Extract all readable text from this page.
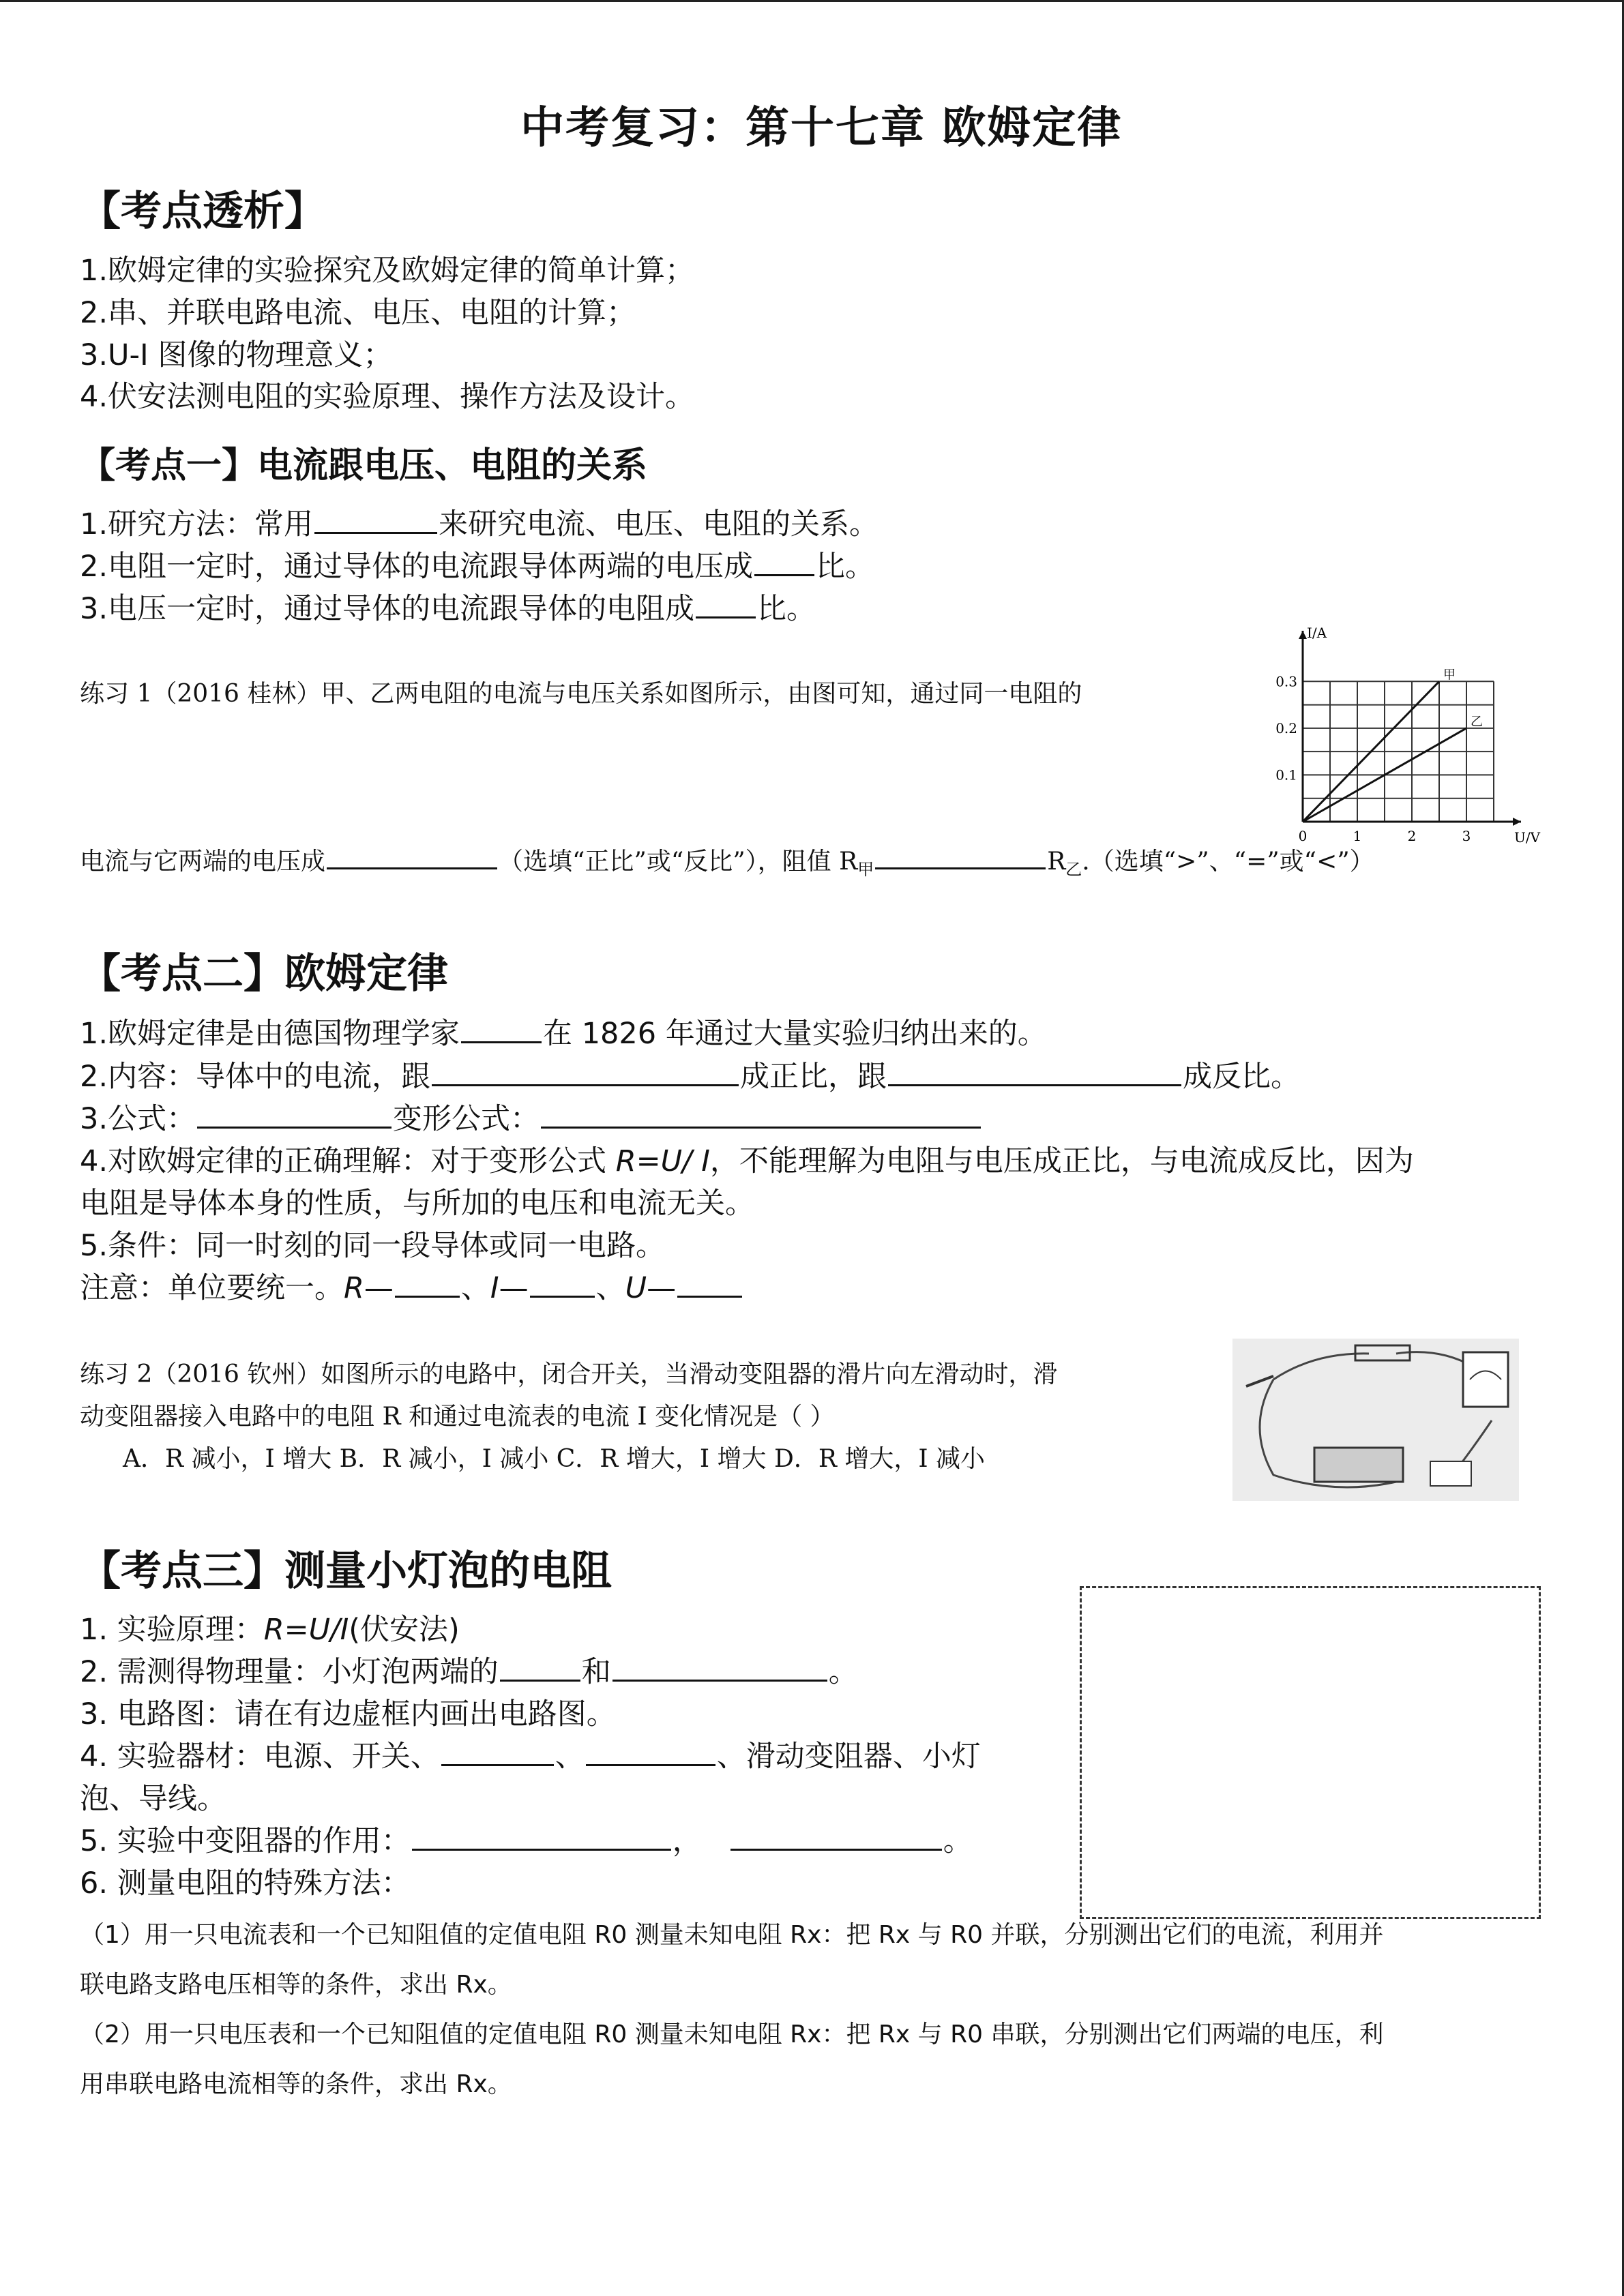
中考复习：第十七章 欧姆定律
【考点透析】
1.欧姆定律的实验探究及欧姆定律的简单计算；
2.串、并联电路电流、电压、电阻的计算；
3.U-I 图像的物理意义；
4.伏安法测电阻的实验原理、操作方法及设计。
【考点一】电流跟电压、电阻的关系
1.研究方法：常用	来研究电流、电压、电阻的关系。
2.电阻一定时，通过导体的电流跟导体两端的电压成 比。
3.电压一定时，通过导体的电流跟导体的电阻成 比。
练习 1（2016 桂林）甲、乙两电阻的电流与电压关系如图所示，由图可知，通过同一电阻的
电流与它两端的电压成	（选填“正比”或“反比”），阻值 $R_甲$	$R_乙$.（选填“>”、“=”或“<”）
0	1	2	3
0.1
0.2
0.3
U/V
I/A
甲
乙
【考点二】欧姆定律
1.欧姆定律是由德国物理学家	在 1826 年通过大量实验归纳出来的。
2.内容：导体中的电流，跟	成正比，跟	成反比。
3.公式：	变形公式：
4.对欧姆定律的正确理解：对于变形公式 R=U/ I，不能理解为电阻与电压成正比，与电流成反比，因为
电阻是导体本身的性质，与所加的电压和电流无关。
5.条件：同一时刻的同一段导体或同一电路。
注意：单位要统一。R— 、I— 、U—
练习 2（2016 钦州）如图所示的电路中，闭合开关，当滑动变阻器的滑片向左滑动时，滑
动变阻器接入电路中的电阻 R 和通过电流表的电流 I 变化情况是（ ）
A．R 减小，I 增大 B．R 减小，I 减小 C．R 增大，I 增大 D．R 增大，I 减小
【考点三】测量小灯泡的电阻
1. 实验原理：R=U/I(伏安法)
2. 需测得物理量：小灯泡两端的	和	。
3. 电路图：请在有边虚框内画出电路图。
4. 实验器材：电源、开关、	、	、滑动变阻器、小灯
泡、导线。
5. 实验中变阻器的作用：	，	。
6. 测量电阻的特殊方法：
（1）用一只电流表和一个已知阻值的定值电阻 R0 测量未知电阻 Rx：把 Rx 与 R0 并联，分别测出它们的电流，利用并
联电路支路电压相等的条件，求出 Rx。
（2）用一只电压表和一个已知阻值的定值电阻 R0 测量未知电阻 Rx：把 Rx 与 R0 串联，分别测出它们两端的电压，利
用串联电路电流相等的条件，求出 Rx。
